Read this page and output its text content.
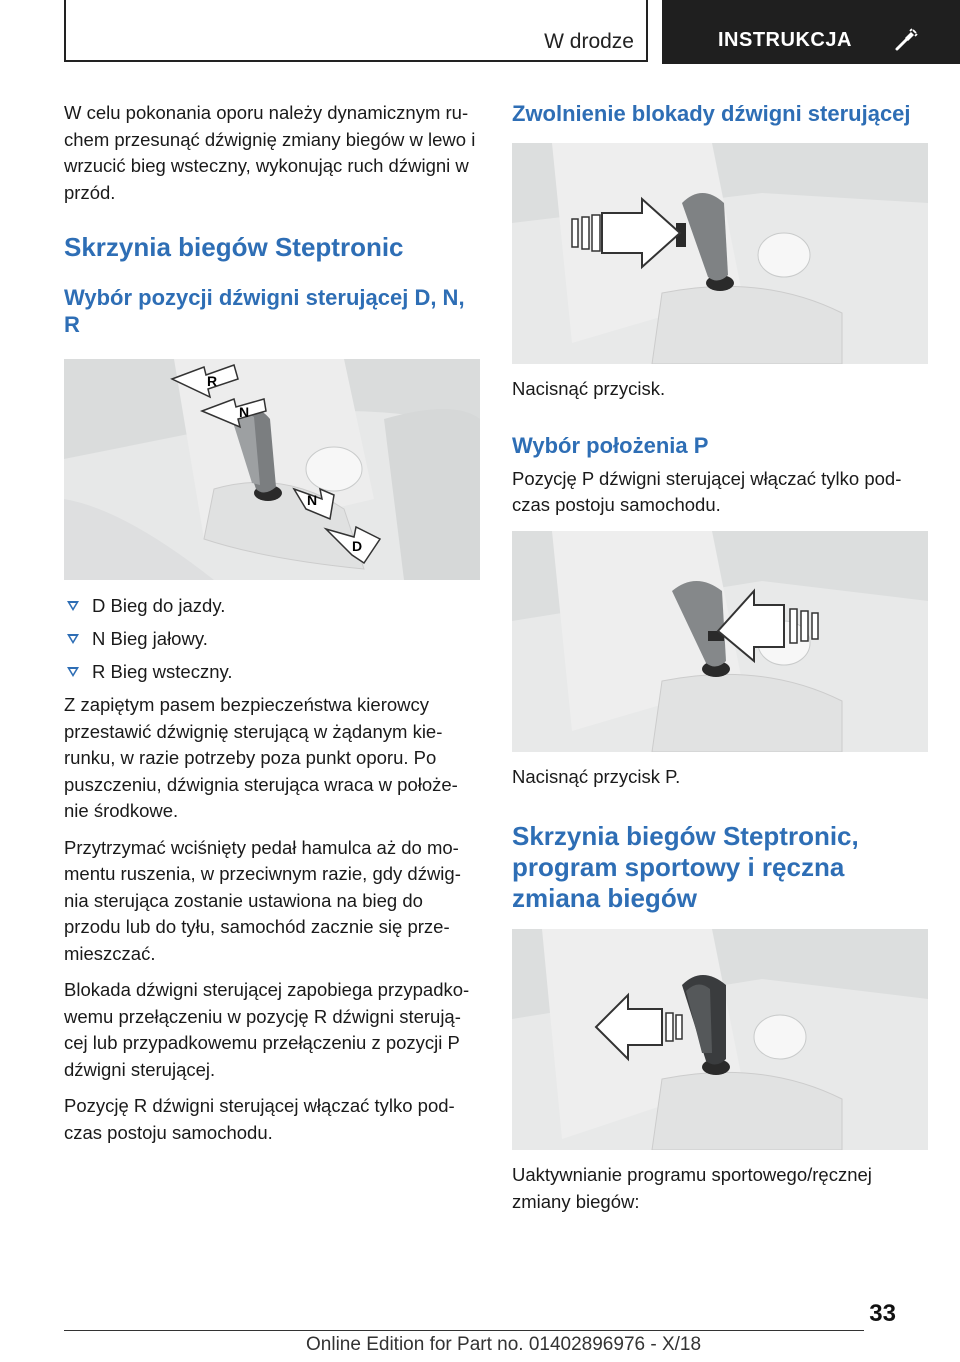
W drodze	INSTRUKCJA

W celu pokonania oporu należy dynamicznym ru-chem przesunąć dźwignię zmiany biegów w lewo i wrzucić bieg wsteczny, wykonując ruch dźwigni w przód.

Skrzynia biegów Steptronic
Wybór pozycji dźwigni sterującej D, N, R
R
N
N
D
D Bieg do jazdy.
N Bieg jałowy.
R Bieg wsteczny.

Z zapiętym pasem bezpieczeństwa kierowcy przestawić dźwignię sterującą w żądanym kie-runku, w razie potrzeby poza punkt oporu. Po puszczeniu, dźwignia sterująca wraca w położe-nie środkowe.

Przytrzymać wciśnięty pedał hamulca aż do mo-mentu ruszenia, w przeciwnym razie, gdy dźwig-nia sterująca zostanie ustawiona na bieg do przodu lub do tyłu, samochód zacznie się prze-mieszczać.

Blokada dźwigni sterującej zapobiega przypadko-wemu przełączeniu w pozycję R dźwigni sterują-cej lub przypadkowemu przełączeniu z pozycji P dźwigni sterującej.

Pozycję R dźwigni sterującej włączać tylko pod-czas postoju samochodu.

Zwolnienie blokady dźwigni sterującej

Nacisnąć przycisk.

Wybór położenia P

Pozycję P dźwigni sterującej włączać tylko pod-czas postoju samochodu.

Nacisnąć przycisk P.

Skrzynia biegów Steptronic, program sportowy i ręczna zmiana biegów

Uaktywnianie programu sportowego/ręcznej zmiany biegów:

33
Online Edition for Part no. 01402896976 - X/18
